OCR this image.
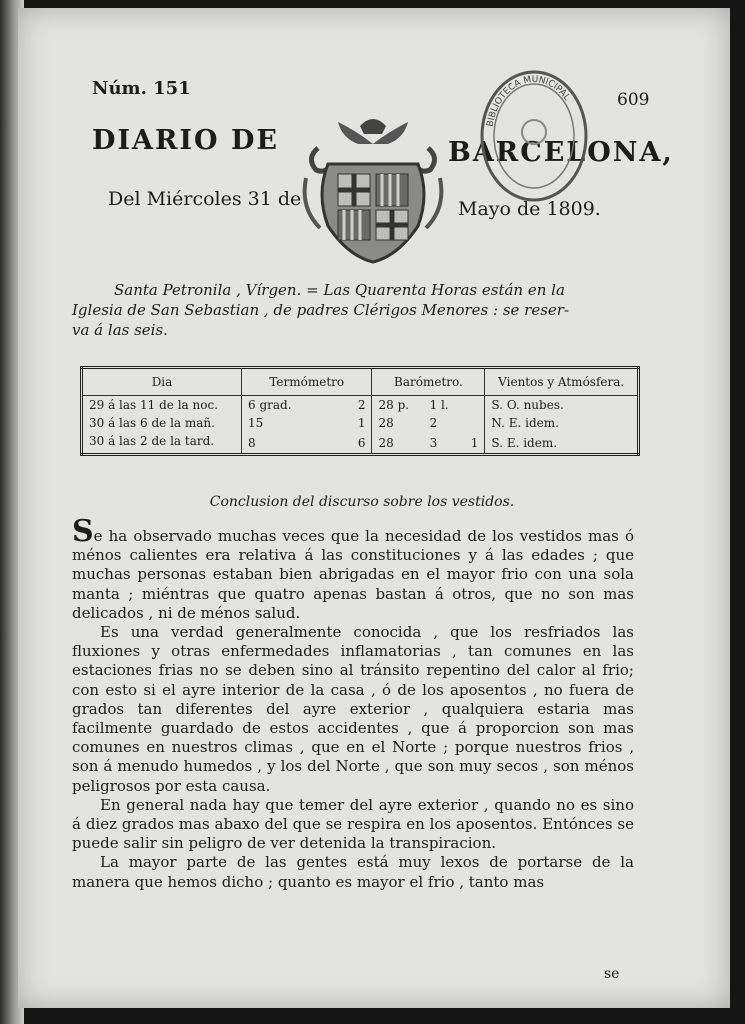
Núm. 151
609
DIARIO DE	BARCELONA,
Del Miércoles 31 de	Mayo de 1809.
BIBLIOTECA MUNICIPAL
Santa Petronila , Vírgen. = Las Quarenta Horas están en la
Iglesia de San Sebastian , de padres Clérigos Menores : se reser-
va á las seis.
Dia	Termómetro		Barómetro.			Vientos y Atmósfera.
29 á las 11 de la noc.	6 grad.	2	28 p.	1 l.		S. O. nubes.
30 á las 6 de la mañ.	15	1	28	2		N. E. idem.
30 á las 2 de la tard.	8	6	28	3	1	S. E. idem.
Conclusion del discurso sobre los vestidos.

Se ha observado muchas veces que la necesidad de los vestidos mas ó ménos calientes era relativa á las constituciones y á las edades ; que muchas personas estaban bien abrigadas en el mayor frio con una sola manta ; miéntras que quatro apenas bastan á otros, que no son mas delicados , ni de ménos salud.

Es una verdad generalmente conocida , que los resfriados las fluxiones y otras enfermedades inflamatorias , tan comunes en las estaciones frias no se deben sino al tránsito repentino del calor al frio; con esto si el ayre interior de la casa , ó de los aposentos , no fuera de grados tan diferentes del ayre exterior , qualquiera estaria mas facilmente guardado de estos accidentes , que á proporcion son mas comunes en nuestros climas , que en el Norte ; porque nuestros frios , son á menudo humedos , y los del Norte , que son muy secos , son ménos peligrosos por esta causa.

En general nada hay que temer del ayre exterior , quando no es sino á diez grados mas abaxo del que se respira en los aposentos. Entónces se puede salir sin peligro de ver detenida la transpiracion.

La mayor parte de las gentes está muy lexos de portarse de la manera que hemos dicho ; quanto es mayor el frio , tanto mas

se
